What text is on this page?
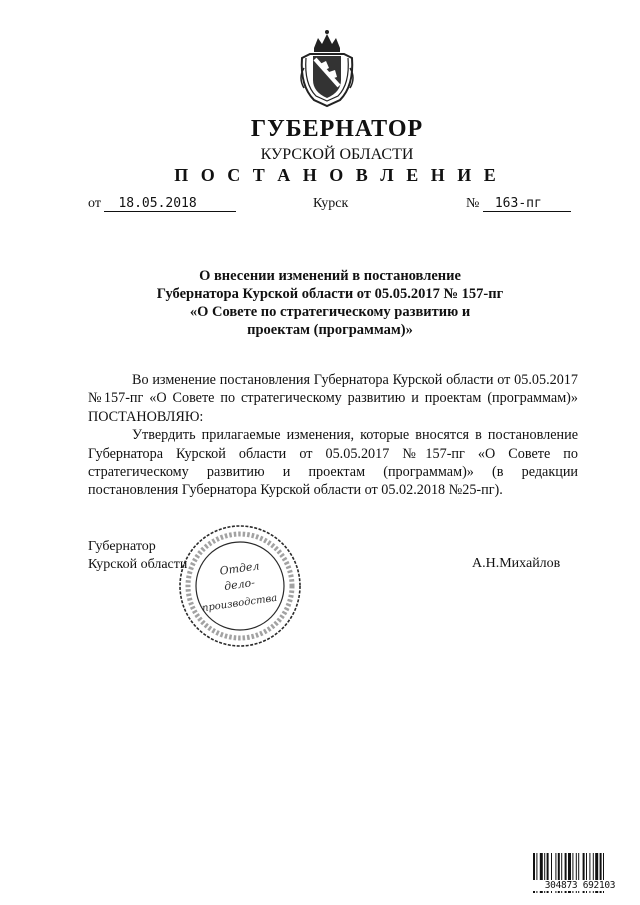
ГУБЕРНАТОР
КУРСКОЙ ОБЛАСТИ
П О С Т А Н О В Л Е Н И Е
от 18.05.2018	Курск	№ 163-пг
О внесении изменений в постановление
Губернатора Курской области от 05.05.2017 № 157-пг
«О Совете по стратегическому развитию и
проектам (программам)»

Во изменение постановления Губернатора Курской области от 05.05.2017 №157-пг «О Совете по стратегическому развитию и проектам (программам)» ПОСТАНОВЛЯЮ:

Утвердить прилагаемые изменения, которые вносятся в постановление Губернатора Курской области от 05.05.2017 №157-пг «О Совете по стратегическому развитию и проектам (программам)» (в редакции постановления Губернатора Курской области от 05.02.2018 №25-пг).

Губернатор
Курской области	А.Н.Михайлов
Отдел
дело-
производства
304873 692103
